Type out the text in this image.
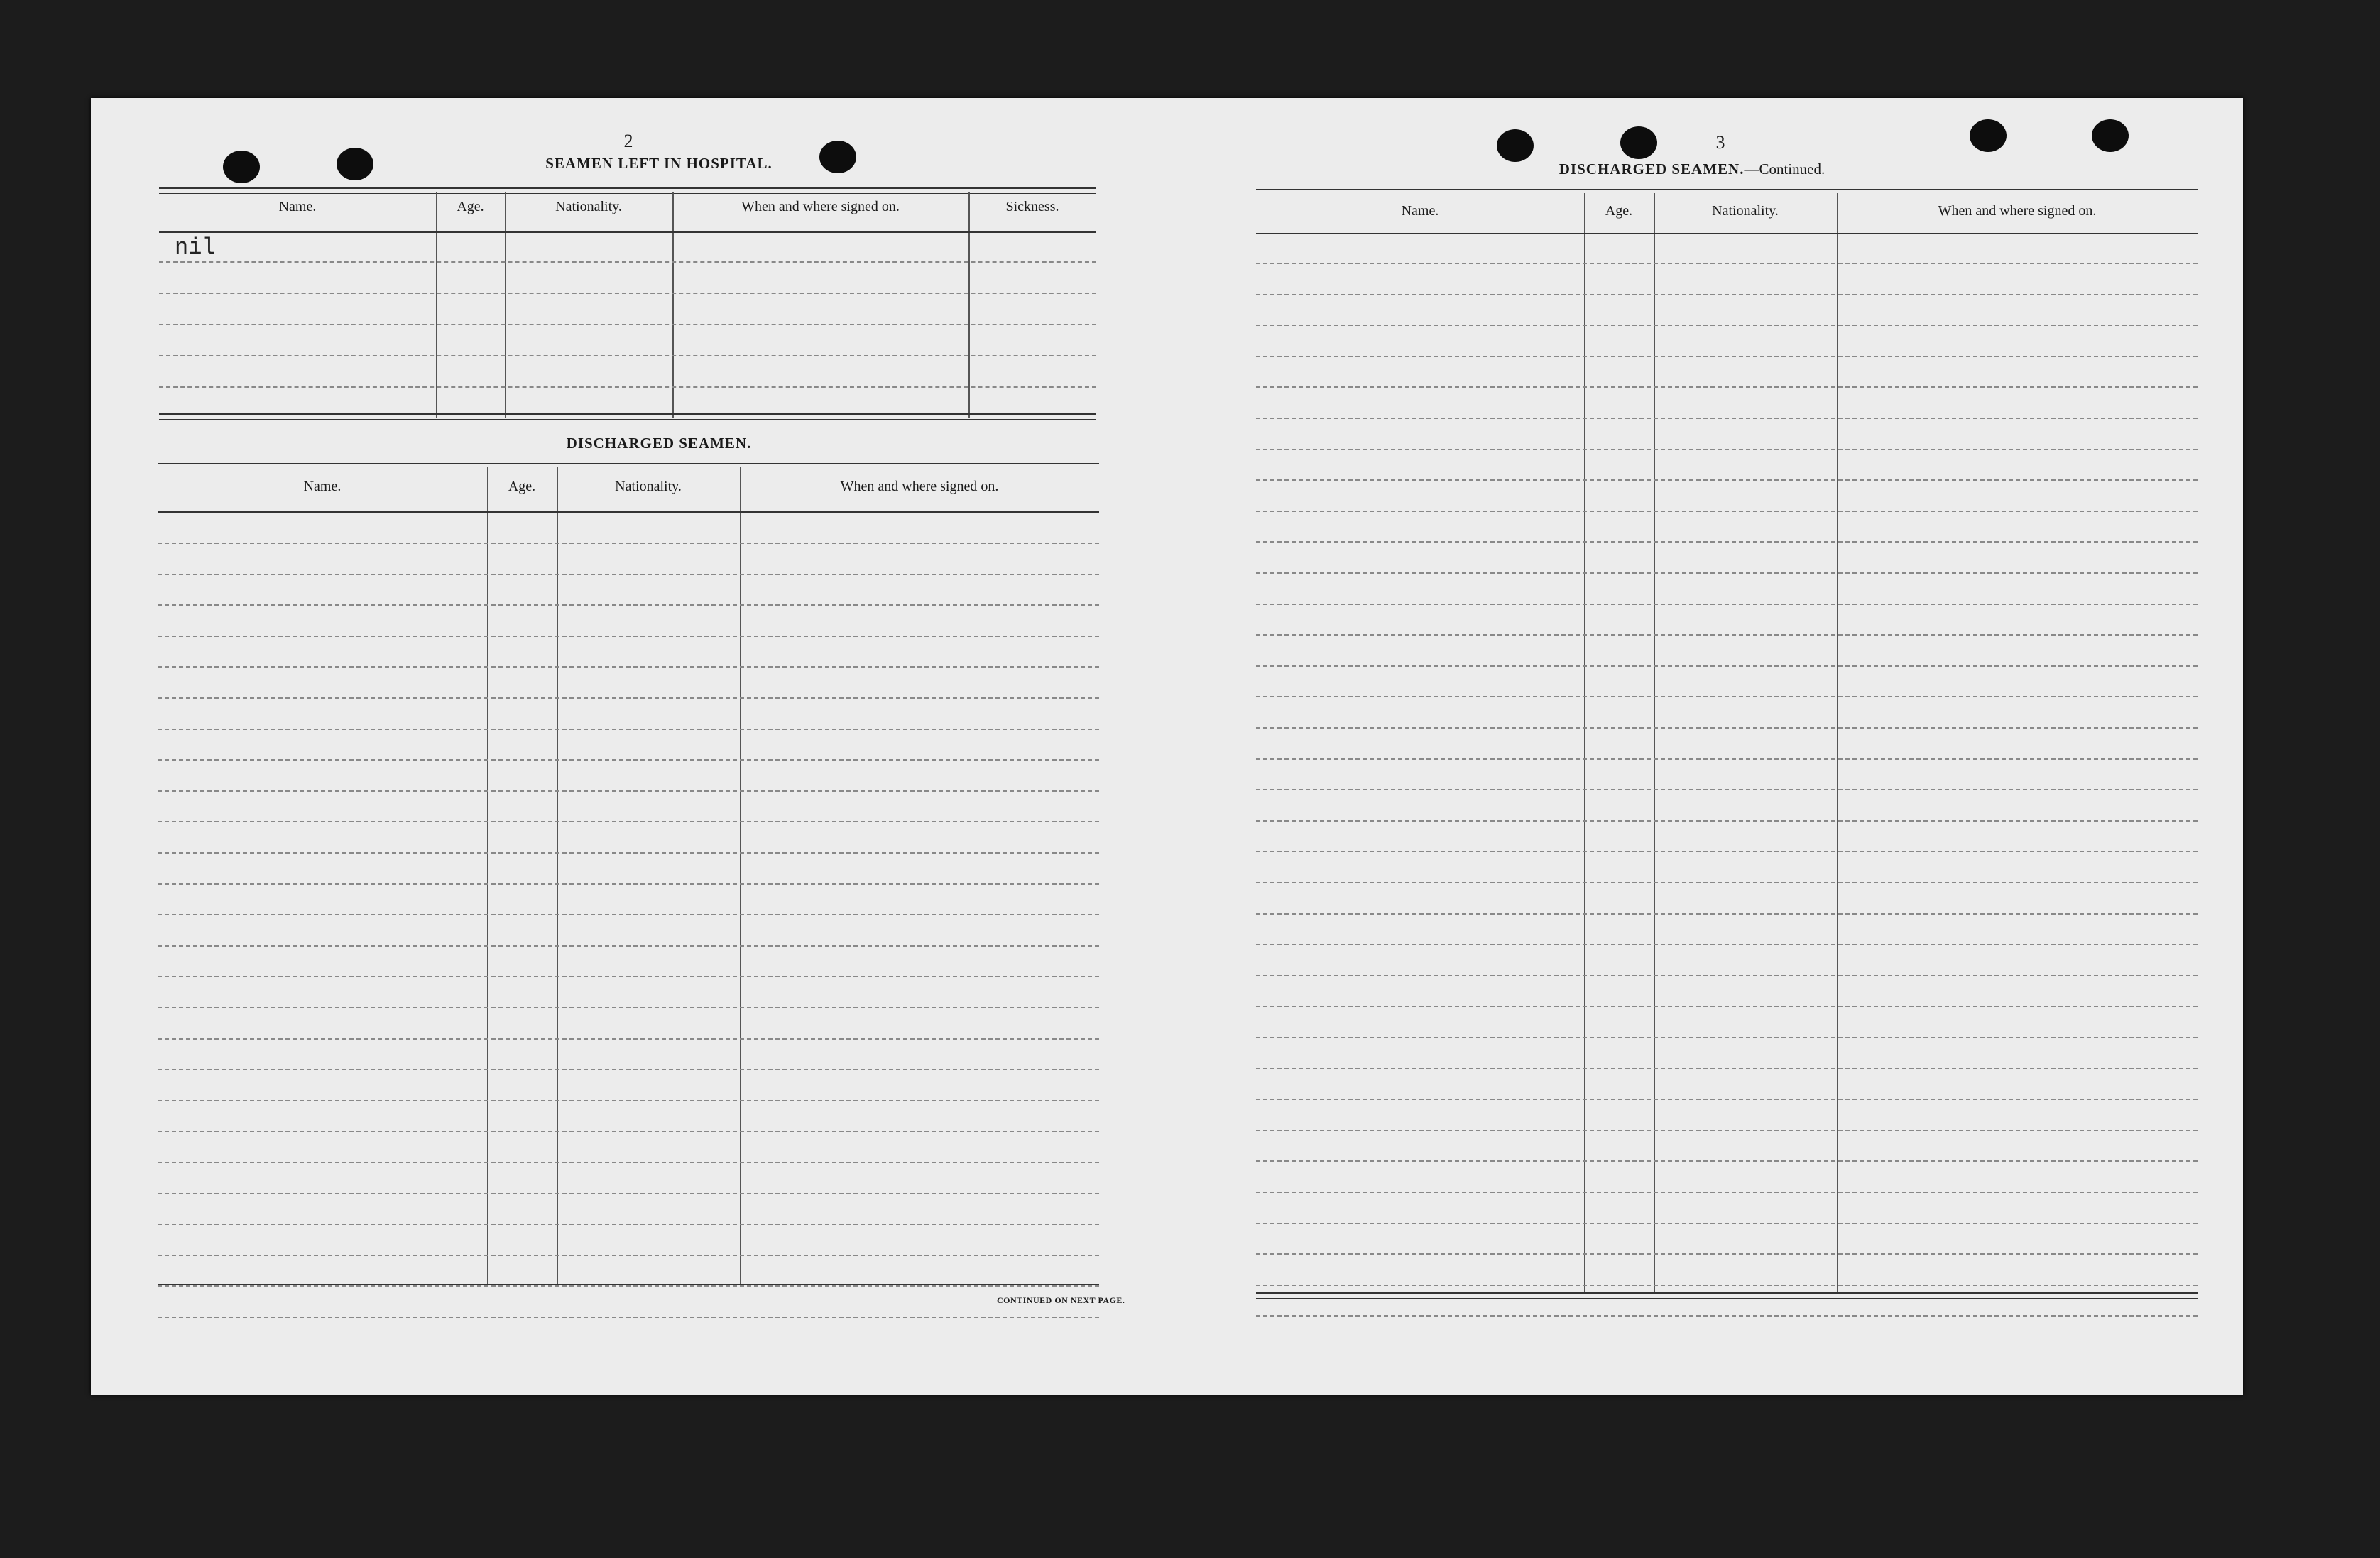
2
SEAMEN LEFT IN HOSPITAL.
Name.	Age.	Nationality.	When and where signed on.	Sickness.
nil
DISCHARGED SEAMEN.
Name.	Age.	Nationality.	When and where signed on.
CONTINUED ON NEXT PAGE.
3
DISCHARGED SEAMEN.—Continued.
Name.	Age.	Nationality.	When and where signed on.
